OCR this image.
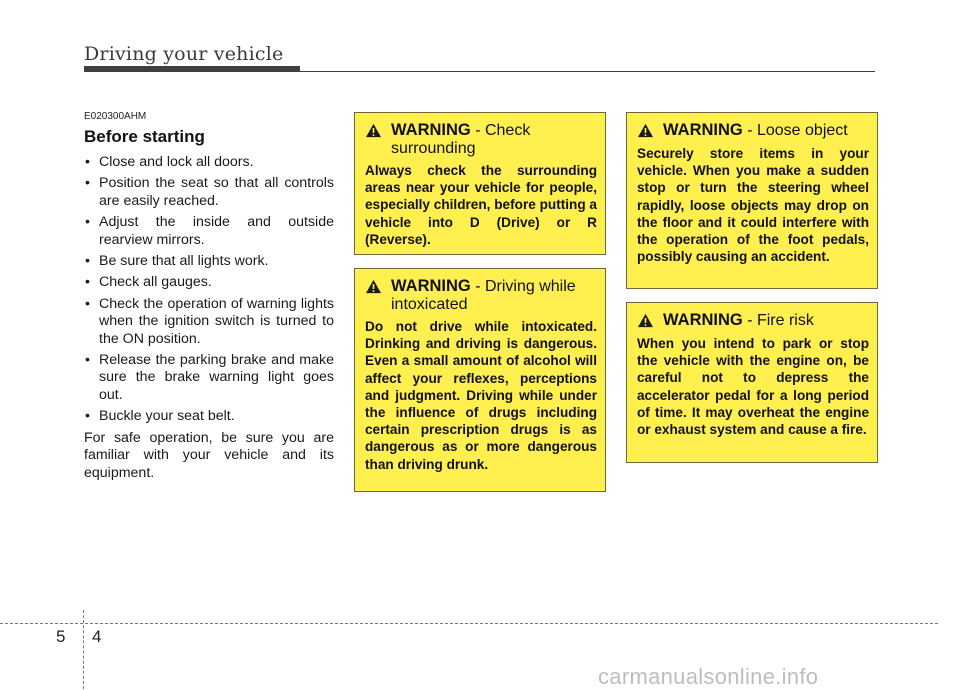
Driving your vehicle
E020300AHM
Before starting
• Close and lock all doors.
• Position the seat so that all controls are easily reached.
• Adjust the inside and outside rearview mirrors.
• Be sure that all lights work.
• Check all gauges.
• Check the operation of warning lights when the ignition switch is turned to the ON position.
• Release the parking brake and make sure the brake warning light goes out.
• Buckle your seat belt.
For safe operation, be sure you are familiar with your vehicle and its equipment.
WARNING - Check surrounding
Always check the surrounding areas near your vehicle for people, especially children, before putting a vehicle into D (Drive) or R (Reverse).
WARNING - Driving while intoxicated
Do not drive while intoxicated. Drinking and driving is dangerous. Even a small amount of alcohol will affect your reflexes, perceptions and judgment. Driving while under the influence of drugs including certain prescription drugs is as dangerous as or more dangerous than driving drunk.
WARNING - Loose object
Securely store items in your vehicle. When you make a sudden stop or turn the steering wheel rapidly, loose objects may drop on the floor and it could interfere with the operation of the foot pedals, possibly causing an accident.
WARNING - Fire risk
When you intend to park or stop the vehicle with the engine on, be careful not to depress the accelerator pedal for a long period of time. It may overheat the engine or exhaust system and cause a fire.
5 4
carmanualsonline.info
